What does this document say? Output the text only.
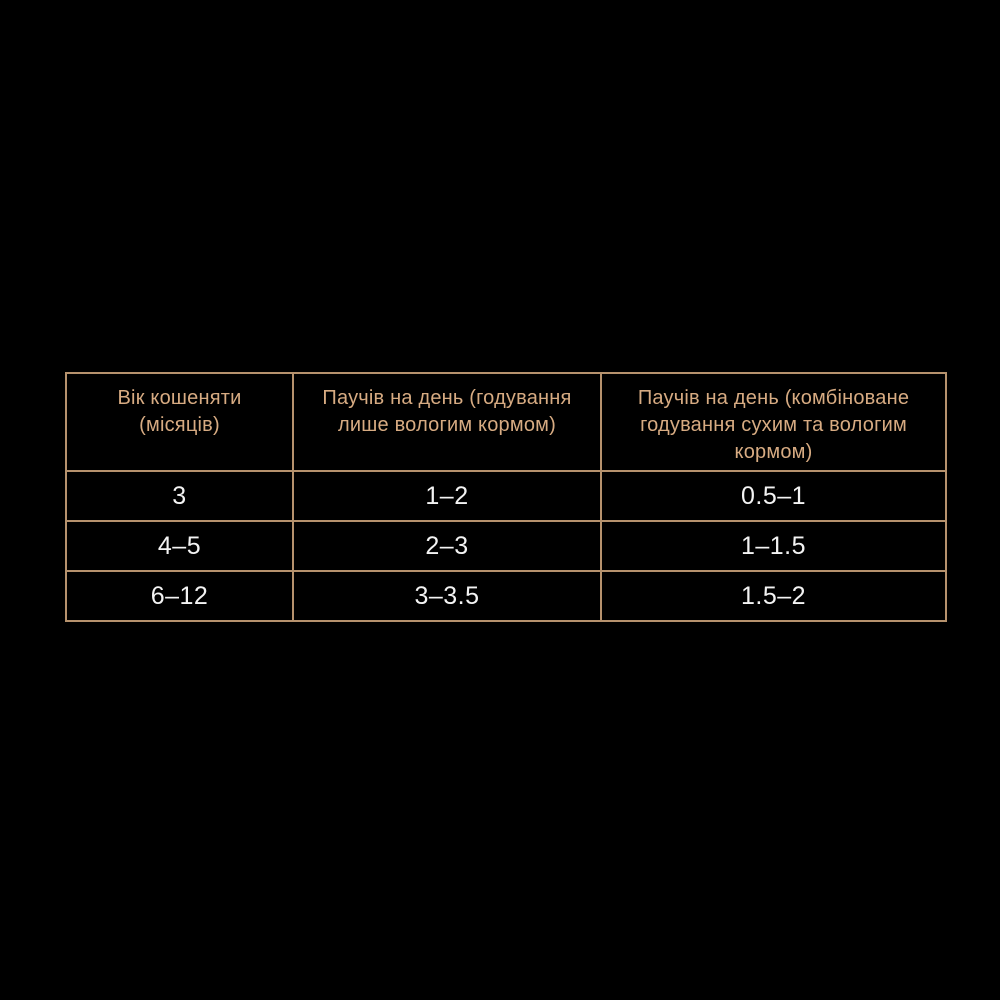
Вік кошеняти (місяців)	Паучів на день (годування лише вологим кормом)	Паучів на день (комбіноване годування сухим та вологим кормом)
3	1–2	0.5–1
4–5	2–3	1–1.5
6–12	3–3.5	1.5–2
